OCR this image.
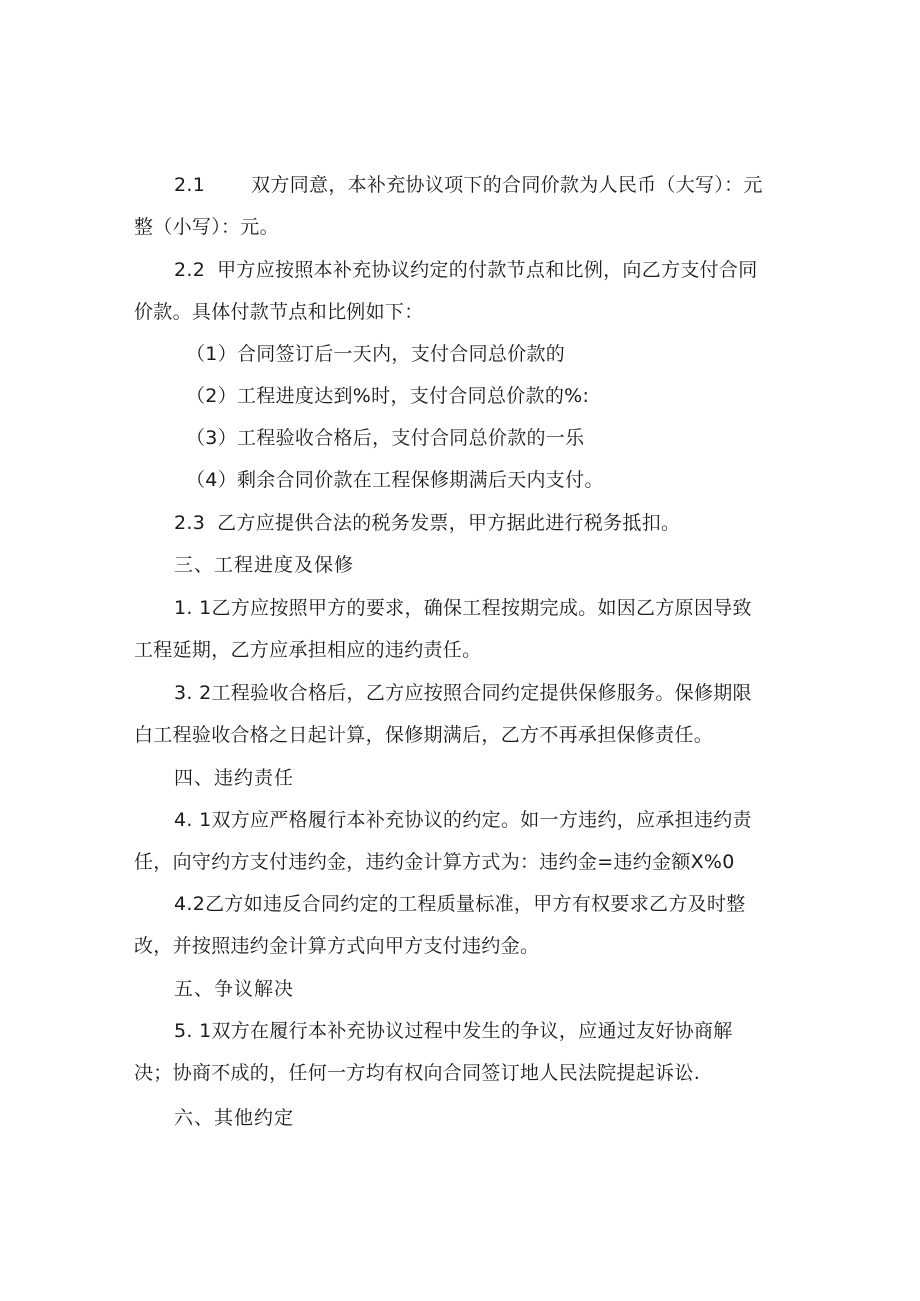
2.1 双方同意，本补充协议项下的合同价款为人民币（大写）：元
整（小写）：元。
2.2 甲方应按照本补充协议约定的付款节点和比例，向乙方支付合同
价款。具体付款节点和比例如下：
（1）合同签订后一天内，支付合同总价款的
（2）工程进度达到%时，支付合同总价款的%:
（3）工程验收合格后，支付合同总价款的一乐
（4）剩余合同价款在工程保修期满后天内支付。
2.3 乙方应提供合法的税务发票，甲方据此进行税务抵扣。
三、工程进度及保修
1. 1乙方应按照甲方的要求，确保工程按期完成。如因乙方原因导致
工程延期，乙方应承担相应的违约责任。
3. 2工程验收合格后，乙方应按照合同约定提供保修服务。保修期限
白工程验收合格之日起计算，保修期满后，乙方不再承担保修责任。
四、违约责任
4. 1双方应严格履行本补充协议的约定。如一方违约，应承担违约责
任，向守约方支付违约金，违约金计算方式为：违约金=违约金额X%0
4.2乙方如违反合同约定的工程质量标准，甲方有权要求乙方及时整
改，并按照违约金计算方式向甲方支付违约金。
五、争议解决
5. 1双方在履行本补充协议过程中发生的争议，应通过友好协商解
决；协商不成的，任何一方均有权向合同签订地人民法院提起诉讼.
六、其他约定
